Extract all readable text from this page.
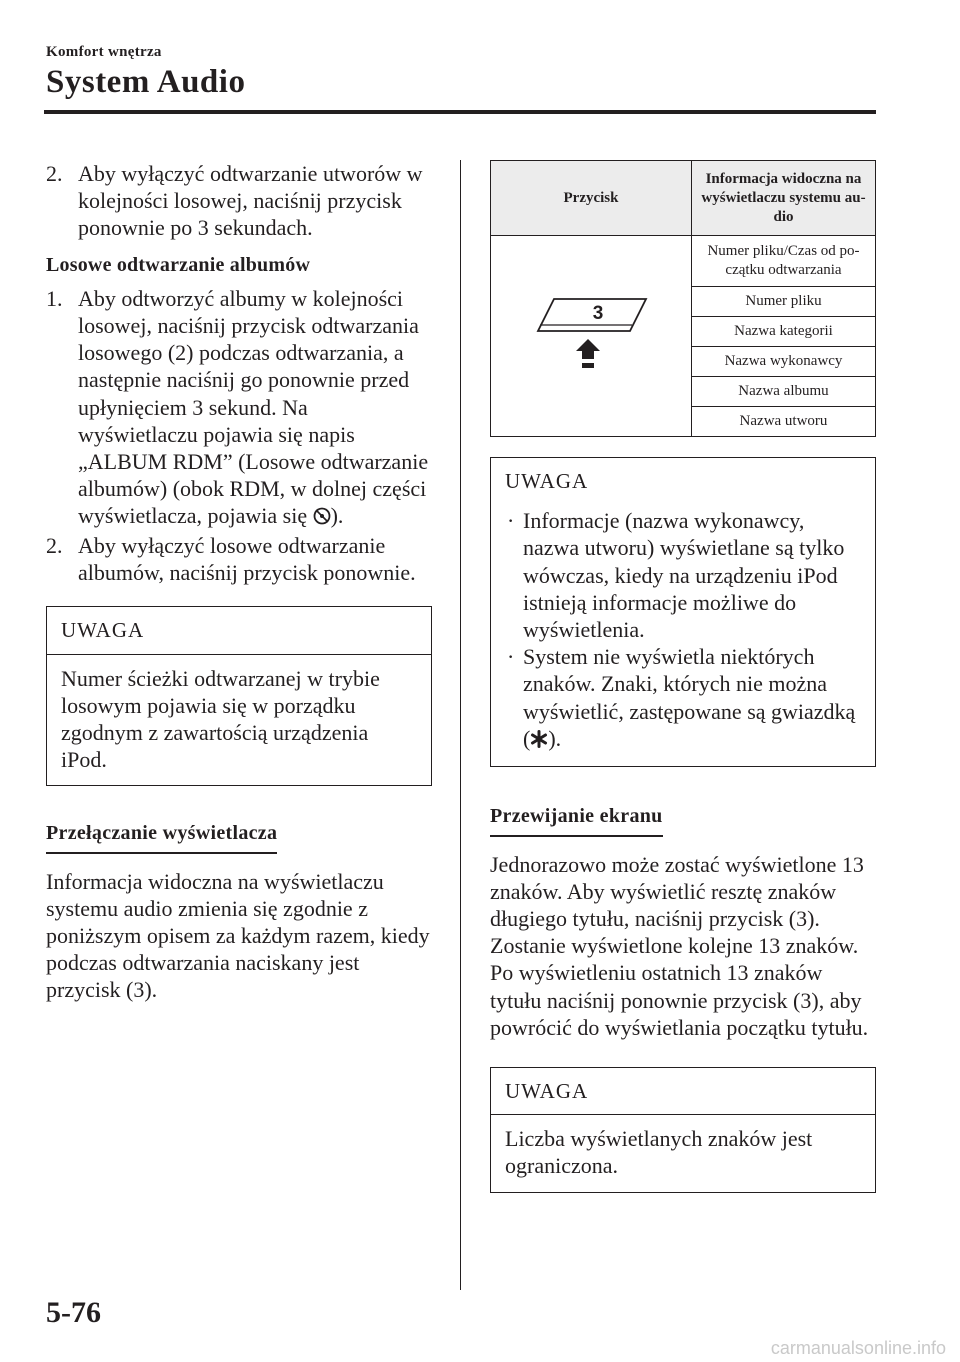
Komfort wnętrza
System Audio
2. Aby wyłączyć odtwarzanie utworów w kolejności losowej, naciśnij przycisk ponownie po 3 sekundach.
Losowe odtwarzanie albumów
1. Aby odtworzyć albumy w kolejności losowej, naciśnij przycisk odtwarzania losowego (2) podczas odtwarzania, a następnie naciśnij go ponownie przed upłynięciem 3 sekund. Na wyświetlaczu pojawia się napis „ALBUM RDM” (Losowe odtwarzanie albumów) (obok RDM, w dolnej części wyświetlacza, pojawia się ).
2. Aby wyłączyć losowe odtwarzanie albumów, naciśnij przycisk ponownie.
UWAGA
Numer ścieżki odtwarzanej w trybie losowym pojawia się w porządku zgodnym z zawartością urządzenia iPod.
Przełączanie wyświetlacza

Informacja widoczna na wyświetlaczu systemu audio zmienia się zgodnie z poniższym opisem za każdym razem, kiedy podczas odtwarzania naciskany jest przycisk (3).

Przycisk	Informacja widoczna na wyświetlaczu systemu au-dio

3	Numer pliku/Czas od po-czątku odtwarzania
	Numer pliku
	Nazwa kategorii
	Nazwa wykonawcy
	Nazwa albumu
	Nazwa utworu
UWAGA
· Informacje (nazwa wykonawcy, nazwa utworu) wyświetlane są tylko wówczas, kiedy na urządzeniu iPod istnieją informacje możliwe do wyświetlenia.
· System nie wyświetla niektórych znaków. Znaki, których nie można wyświetlić, zastępowane są gwiazdką ( ).
Przewijanie ekranu

Jednorazowo może zostać wyświetlone 13 znaków. Aby wyświetlić resztę znaków długiego tytułu, naciśnij przycisk (3). Zostanie wyświetlone kolejne 13 znaków. Po wyświetleniu ostatnich 13 znaków tytułu naciśnij ponownie przycisk (3), aby powrócić do wyświetlania początku tytułu.

UWAGA
Liczba wyświetlanych znaków jest ograniczona.
5-76
carmanualsonline.info
